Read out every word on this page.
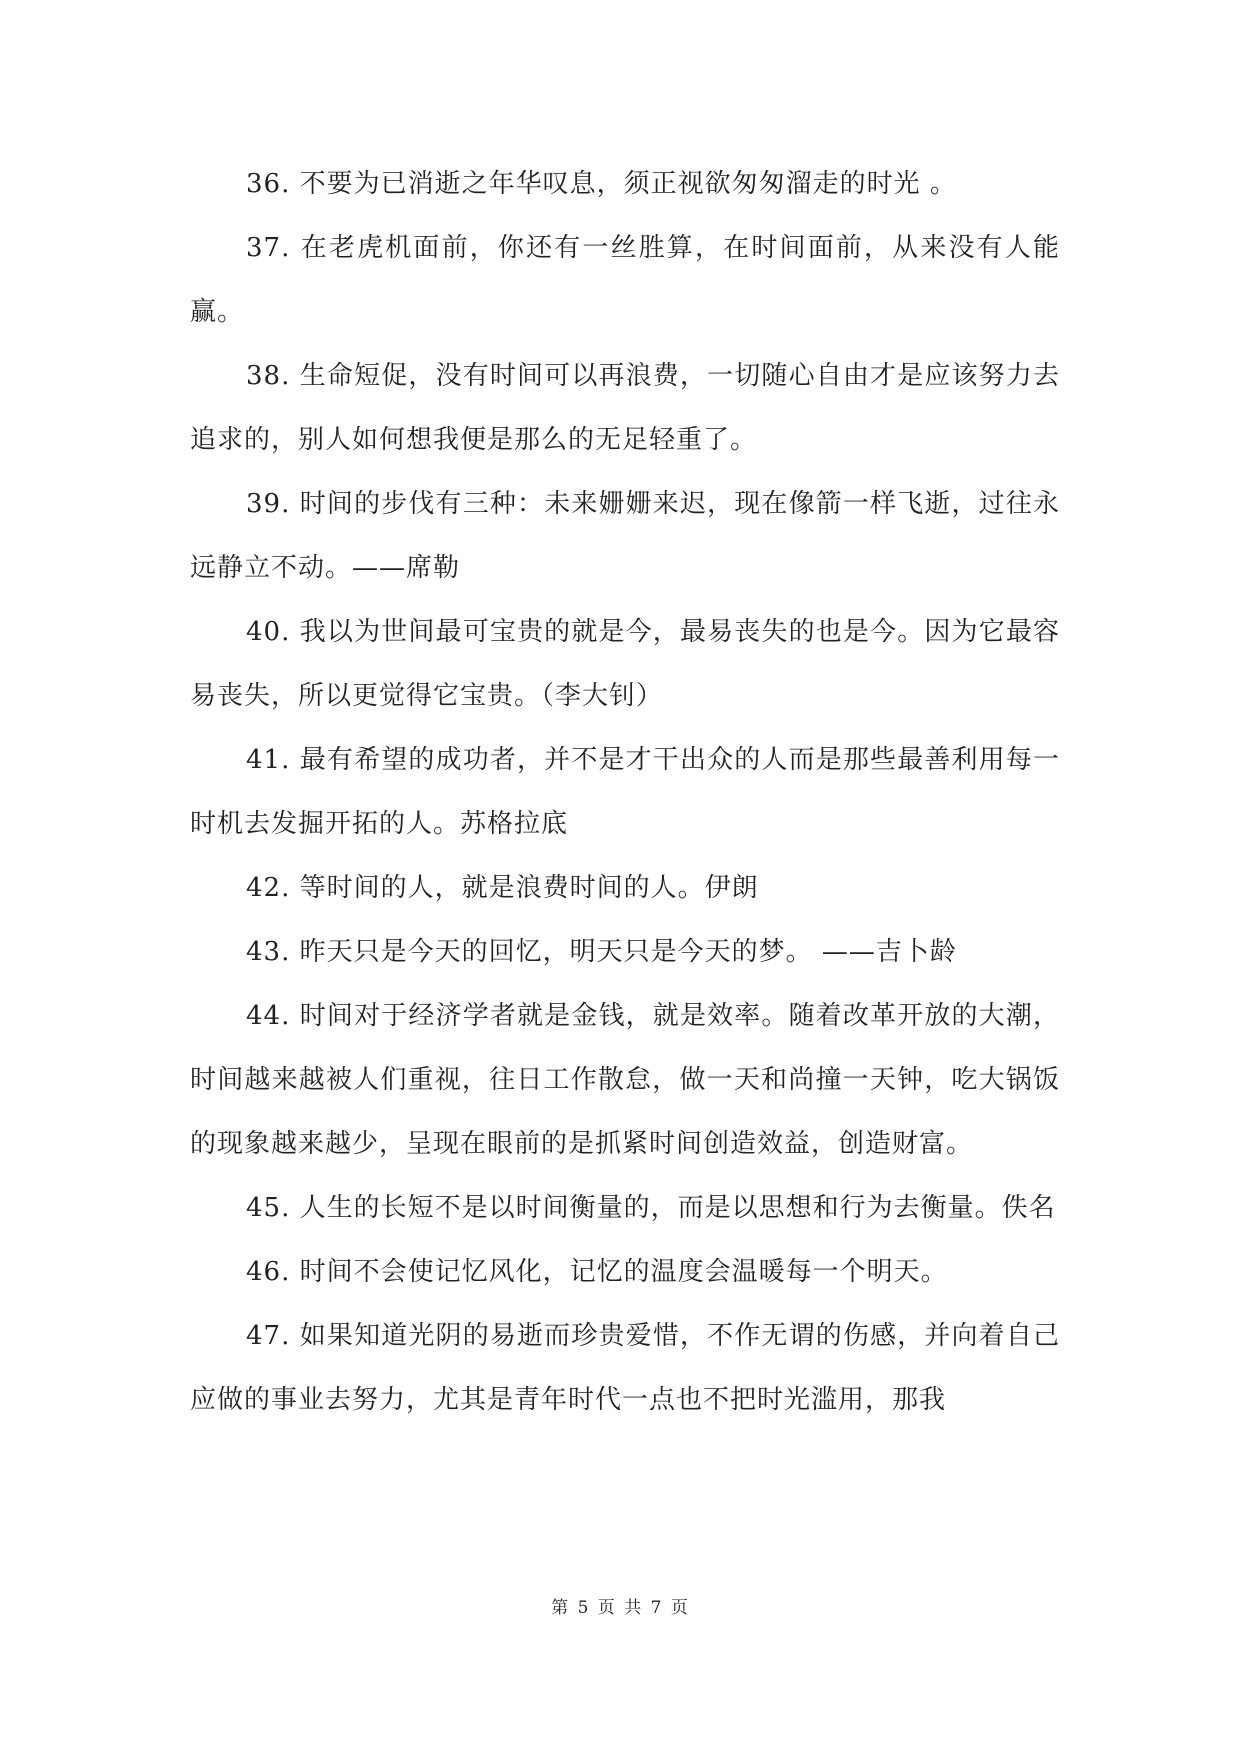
36. 不要为已消逝之年华叹息，须正视欲匆匆溜走的时光 。

37. 在老虎机面前，你还有一丝胜算，在时间面前，从来没有人能赢。

38. 生命短促，没有时间可以再浪费，一切随心自由才是应该努力去追求的，别人如何想我便是那么的无足轻重了。

39. 时间的步伐有三种：未来姗姗来迟，现在像箭一样飞逝，过往永远静立不动。——席勒

40. 我以为世间最可宝贵的就是今，最易丧失的也是今。因为它最容易丧失，所以更觉得它宝贵。（李大钊）

41. 最有希望的成功者，并不是才干出众的人而是那些最善利用每一时机去发掘开拓的人。苏格拉底

42. 等时间的人，就是浪费时间的人。伊朗

43. 昨天只是今天的回忆，明天只是今天的梦。 ——吉卜龄

44. 时间对于经济学者就是金钱，就是效率。随着改革开放的大潮，时间越来越被人们重视，往日工作散怠，做一天和尚撞一天钟，吃大锅饭的现象越来越少，呈现在眼前的是抓紧时间创造效益，创造财富。

45. 人生的长短不是以时间衡量的，而是以思想和行为去衡量。佚名

46. 时间不会使记忆风化，记忆的温度会温暖每一个明天。

47. 如果知道光阴的易逝而珍贵爱惜，不作无谓的伤感，并向着自己应做的事业去努力，尤其是青年时代一点也不把时光滥用，那我

第 5 页 共 7 页
